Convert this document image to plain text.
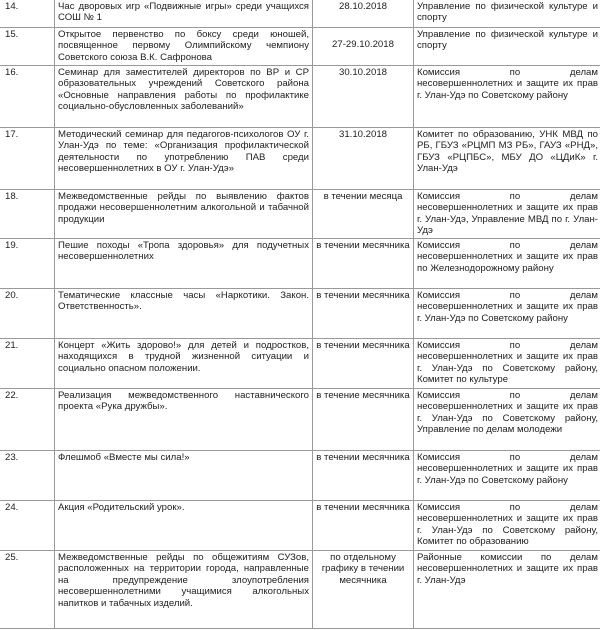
14.	Час дворовых игр «Подвижные игры» среди учащихся СОШ № 1	28.10.2018	Управление по физической культуре и спорту
15.	Открытое первенство по боксу среди юношей, посвященное первому Олимпийскому чемпиону Советского союза В.К. Сафронова	27-29.10.2018	Управление по физической культуре и спорту
16.	Семинар для заместителей директоров по ВР и СР образовательных учреждений Советского района «Основные направления работы по профилактике социально-обусловленных заболеваний»	30.10.2018	Комиссия по делам несовершеннолетних и защите их прав г. Улан-Удэ по Советскому району
17.	Методический семинар для педагогов-психологов ОУ г. Улан-Удэ по теме: «Организация профилактической деятельности по употреблению ПАВ среди несовершеннолетних в ОУ г. Улан-Удэ»	31.10.2018	Комитет по образованию, УНК МВД по РБ, ГБУЗ «РЦМП МЗ РБ», ГАУЗ «РНД», ГБУЗ «РЦПБС», МБУ ДО «ЦДиК» г. Улан-Удэ
18.	Межведомственные рейды по выявлению фактов продажи несовершеннолетним алкогольной и табачной продукции	в течении месяца	Комиссия по делам несовершеннолетних и защите их прав г. Улан-Удэ, Управление МВД по г. Улан-Удэ
19.	Пешие походы «Тропа здоровья» для подучетных несовершеннолетних	в течении месячника	Комиссия по делам несовершеннолетних и защите их прав по Железнодорожному району
20.	Тематические классные часы «Наркотики. Закон. Ответственность».	в течении месячника	Комиссия по делам несовершеннолетних и защите их прав г. Улан-Удэ по Советскому району
21.	Концерт «Жить здорово!» для детей и подростков, находящихся в трудной жизненной ситуации и социально опасном положении.	в течении месячника	Комиссия по делам несовершеннолетних и защите их прав г. Улан-Удэ по Советскому району, Комитет по культуре
22.	Реализация межведомственного наставнического проекта «Рука дружбы».	в течение месячника	Комиссия по делам несовершеннолетних и защите их прав г. Улан-Удэ по Советскому району, Управление по делам молодежи
23.	Флешмоб «Вместе мы сила!»	в течении месячника	Комиссия по делам несовершеннолетних и защите их прав г. Улан-Удэ по Советскому району
24.	Акция «Родительский урок».	в течении месячника	Комиссия по делам несовершеннолетних и защите их прав г. Улан-Удэ по Советскому району, Комитет по образованию
25.	Межведомственные рейды по общежитиям СУЗов, расположенных на территории города, направленные на предупреждение злоупотребления несовершеннолетними учащимися алкогольных напитков и табачных изделий.	по отдельному графику в течении месячника	Районные комиссии по делам несовершеннолетних и защите их прав г. Улан-Удэ
